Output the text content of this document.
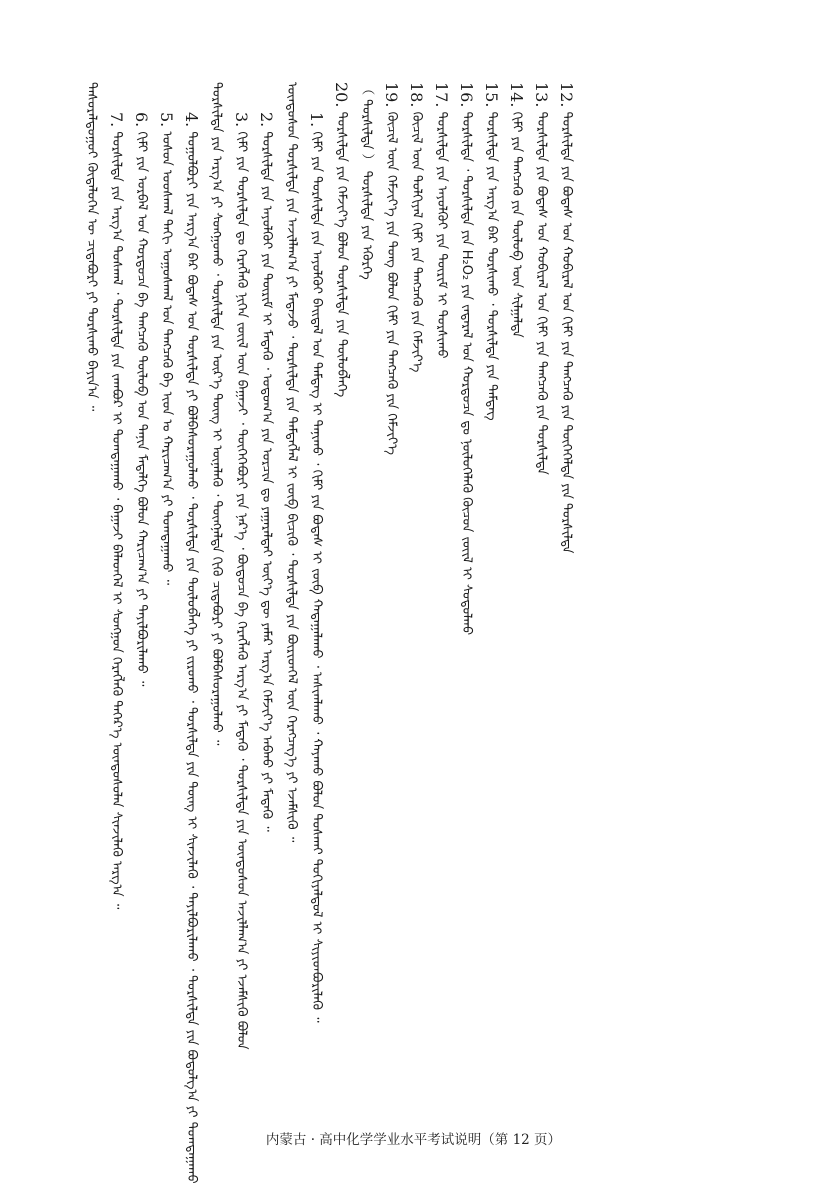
ᠲᠠᠰᠤᠷᠠᠯᠳᠤᠭᠤᠢ ᠬᠦᠳᠡᠯᠦᠭᠡᠨ ᠦ ᠴᠢᠳᠠᠪᠤᠷᠢ ᠶᠢ ᠲᠤᠷᠰᠢᠬᠤ ᠪᠠᠶᠢᠨ᠎ᠠ ᠃ 7. ᠲᠤᠷᠰᠢᠯᠲᠠ ᠶᠢᠨ ᠠᠷᠭ᠎ᠠ ᠲᠤᠰᠬᠠᠯ ᠂ ᠲᠤᠷᠰᠢᠯᠲᠠ ᠶᠢᠨ ᠵᠠᠭᠪᠤᠷ ᠢ ᠲᠣᠭᠲᠠᠭᠠᠬᠤ ᠂ ᠪᠠᠭᠠᠵᠢ ᠪᠡᠯᠡᠳᠬᠡᠯ ᠢ ᠰᠣᠩᠭᠣᠨ ᠬᠡᠷᠡᠭᠯᠡᠬᠦ ᠳᠡᠭᠡᠷ᠎ᠡ ᠦᠨᠳᠦᠰᠦᠯᠡᠨ ᠰᠢᠨᠵᠢᠯᠡᠬᠦ ᠠᠷᠭ᠎ᠠ ᠃
6. ᠬᠢᠮᠢ ᠶᠢᠨ ᠤᠷᠪᠠᠯ ᠤᠨ ᠬᠤᠷᠳᠤᠴᠠ ᠪᠠ ᠲᠡᠩᠴᠡᠭᠦ ᠲᠦᠯᠦᠪ ᠤᠨ ᠲᠠᠨᠢᠨ ᠮᠡᠳᠡᠯᠭᠡ ᠪᠣᠯᠤᠨ ᠬᠠᠷᠢᠴᠠᠭ᠎ᠠ ᠶᠢ ᠲᠠᠶᠢᠯᠪᠤᠷᠢᠯᠠᠬᠤ ᠃
5. ᠤᠰᠤᠨ ᠤᠤᠰᠬᠠᠯ ᠳᠠᠬᠢ ᠤᠭᠤᠰᠬᠠᠯ ᠤᠨ ᠲᠡᠩᠴᠡᠭᠦ ᠪᠠ ᠢᠣᠨ ᠤ ᠬᠠᠷᠢᠴᠠᠭ᠎ᠠ ᠶᠢ ᠲᠣᠭᠲᠠᠭᠠᠬᠤ ᠃
4. ᠲᠤᠭᠤᠯᠪᠤᠷᠢ ᠶᠢᠨ ᠠᠷᠭ᠎ᠠ ᠪᠠᠷ ᠪᠣᠳᠠᠰ ᠤᠨ ᠲᠤᠷᠰᠢᠯᠲᠠ ᠶᠢ ᠪᠣᠯᠪᠠᠰᠤᠷᠠᠭᠤᠯᠬᠤ ᠂ ᠲᠤᠷᠰᠢᠯᠲᠠ ᠶᠢᠨ ᠲᠥᠯᠦᠪᠯᠡᠭᠡ ᠶᠢ ᠵᠢᠷᠤᠬᠤ ᠂ ᠲᠤᠷᠰᠢᠯᠲᠠ ᠶᠢᠨ ᠳᠦᠩ ᠢ ᠰᠢᠨᠵᠢᠯᠡᠬᠦ ᠂ ᠲᠠᠶᠢᠯᠪᠤᠷᠢᠯᠠᠬᠤ ᠂ ᠲᠤᠷᠰᠢᠯᠲᠠ ᠶᠢᠨ ᠪᠤᠳᠤᠯᠭ᠎ᠠ ᠶᠢ ᠲᠣᠭᠲᠠᠭᠠᠬᠤ ᠲᠤᠷᠰᠢᠯᠲᠠ ᠶᠢᠨ ᠠᠷᠭ᠎ᠠ ᠶᠢ ᠰᠣᠩᠭᠣᠬᠤ ᠂ ᠲᠤᠷᠰᠢᠯᠲᠠ ᠶᠢᠨ ᠦᠷ᠎ᠡ ᠳᠦᠩ ᠢ ᠦᠨᠡᠯᠡᠬᠦ ᠂ ᠳᠦᠩᠨᠡᠯᠲᠡ ᠬᠢᠬᠦ ᠴᠢᠳᠠᠪᠤᠷᠢ ᠶᠢ ᠪᠣᠯᠪᠠᠰᠤᠷᠠᠭᠤᠯᠬᠤ ᠃ 3. ᠬᠢᠮᠢ ᠶᠢᠨ ᠲᠤᠷᠰᠢᠯᠲᠠ ᠳᠤ ᠬᠡᠷᠡᠭᠯᠡᠬᠦ ᠨᠢᠭᠡᠨ ᠵᠦᠢᠯ ᠦᠨ ᠪᠠᠭᠠᠵᠢ ᠂ ᠲᠦᠭᠡᠭᠡᠪᠦᠷᠢ ᠶᠢᠨ ᠨᠡᠷ᠎ᠡ ᠂ ᠪᠦᠲᠦᠴᠡ ᠪᠠ ᠬᠡᠷᠡᠭᠯᠡᠬᠦ ᠠᠷᠭ᠎ᠠ ᠶᠢ ᠮᠡᠳᠡᠬᠦ ᠂ ᠲᠤᠷᠰᠢᠯᠲᠠ ᠶᠢᠨ ᠦᠨᠳᠦᠰᠦᠨ ᠠᠵᠢᠯᠯᠠᠭ᠎ᠠ ᠶᠢ ᠡᠵᠡᠮᠰᠢᠬᠦ ᠪᠣᠯᠤᠨ
2. ᠲᠤᠷᠰᠢᠯᠲᠠ ᠶᠢᠨ ᠠᠶᠤᠯᠭᠦᠢ ᠶᠢᠨ ᠳᠦᠷᠢᠮ ᠢ ᠮᠡᠳᠡᠬᠦ ᠂ ᠣᠳᠣᠭ᠎ᠠ ᠶᠢᠨ ᠣᠷᠴᠢᠨ ᠳᠤ ᠶᠠᠭᠠᠷᠠᠯᠲᠠᠢ ᠦᠶ᠎ᠡ ᠳᠦ ᠶᠠᠮᠠᠷ ᠠᠷᠭ᠎ᠠ ᠬᠡᠮᠵᠢᠶ᠎ᠡ ᠠᠪᠬᠤ ᠶᠢ ᠮᠡᠳᠡᠬᠦ ᠃ ᠦᠨᠳᠦᠰᠦᠨ ᠲᠤᠷᠰᠢᠯᠲᠠ ᠶᠢᠨ ᠠᠵᠢᠯᠯᠠᠭ᠎ᠠ ᠶᠢ ᠮᠡᠳᠡᠵᠦ ᠂ ᠲᠤᠷᠰᠢᠯᠲᠠ ᠶᠢᠨ ᠲᠡᠮᠳᠡᠭᠯᠡᠯ ᠢ ᠵᠦᠪ ᠪᠢᠴᠢᠬᠦ ᠂ ᠲᠤᠷᠰᠢᠯᠲᠠ ᠶᠢᠨ ᠪᠦᠷᠢᠳᠬᠡᠯ ᠦᠨ ᠬᠡᠷᠡᠭᠴᠡᠭ᠎ᠡ ᠶᠢ ᠡᠵᠡᠮᠰᠢᠬᠦ ᠃ 1. ᠬᠢᠮᠢ ᠶᠢᠨ ᠲᠤᠷᠰᠢᠯᠲᠠ ᠶᠢᠨ ᠠᠶᠤᠯᠭᠦᠢ ᠪᠠᠢᠳᠠᠯ ᠤᠨ ᠲᠡᠮᠳᠡᠭ ᠢ ᠲᠠᠨᠢᠬᠤ ᠂ ᠬᠢᠮᠢ ᠶᠢᠨ ᠪᠣᠳᠠᠰ ᠢ ᠵᠦᠪ ᠬᠠᠳᠠᠭᠠᠯᠠᠬᠤ ᠂ ᠠᠰᠢᠭᠯᠠᠬᠤ ᠂ ᠬᠠᠶᠠᠬᠤ ᠪᠣᠯᠤᠨ ᠲᠤᠰᠬᠠᠢ ᠲᠣᠬᠢᠶᠠᠯᠳᠤᠯ ᠢ ᠰᠢᠶᠢᠳᠪᠦᠷᠢᠯᠡᠬᠦ ᠃
20. ᠲᠤᠷᠰᠢᠯᠲᠠ ᠶᠢᠨ ᠬᠡᠮᠵᠢᠶ᠎ᠡ ᠪᠣᠯᠤᠨ ᠲᠤᠷᠰᠢᠯᠲᠠ ᠶᠢᠨ ᠲᠥᠯᠦᠪᠯᠡᠭᠡ （ ᠲᠤᠷᠰᠢᠯᠲᠠ ） ᠲᠤᠷᠰᠢᠯᠲᠠ ᠶᠢᠨ ᠡᠭᠦᠷᠭᠡ 19. ᠬᠦᠴᠢᠯ ᠦᠨ ᠬᠡᠮᠵᠢᠶ᠎ᠡ ᠶᠢᠨ ᠳᠤᠩ ᠪᠣᠯᠤᠨ ᠬᠢᠮᠢ ᠶᠢᠨ ᠲᠡᠩᠴᠡᠭᠦ ᠶᠢᠨ ᠬᠡᠮᠵᠢᠶ᠎ᠡ
18. ᠬᠦᠴᠢᠯ ᠦᠨ ᠳᠣᠯᠭᠢᠶᠠᠯ ᠬᠢᠮᠢ ᠶᠢᠨ ᠲᠡᠩᠴᠡᠭᠦ ᠶᠢᠨ ᠬᠡᠮᠵᠢᠶ᠎ᠡ
17. ᠲᠤᠷᠰᠢᠯᠲᠠ ᠶᠢᠨ ᠠᠶᠤᠯᠭᠦᠢ ᠶᠢᠨ ᠳᠦᠷᠢᠮ ᠢ ᠲᠤᠷᠰᠢᠬᠤ
16. ᠲᠤᠷᠰᠢᠯᠲᠠ ᠂ ᠲᠤᠷᠰᠢᠯᠲᠠ ᠶᠢᠨ H₂O₂ ᠶᠢᠨ ᠵᠠᠳᠠᠷᠠᠯ ᠤᠨ ᠬᠤᠷᠳᠤᠴᠠ ᠳᠤ ᠨᠦᠯᠦᠭᠡᠯᠡᠬᠦ ᠬᠦᠴᠦᠨ ᠵᠦᠢᠯ ᠢ ᠰᠤᠳᠤᠯᠬᠤ
15. ᠲᠤᠷᠰᠢᠯᠲᠠ ᠶᠢᠨ ᠠᠷᠭ᠎ᠠ ᠪᠠᠷ ᠲᠤᠷᠰᠢᠬᠤ ᠂ ᠲᠤᠷᠰᠢᠯᠲᠠ ᠶᠢᠨ ᠲᠡᠮᠳᠡᠭ
14. ᠬᠢᠮᠢ ᠶᠢᠨ ᠲᠡᠩᠴᠡᠭᠦ ᠶᠢᠨ ᠲᠥᠯᠦᠪ ᠦᠨ ᠰᠢᠯᠭᠠᠯᠲᠠ
13. ᠲᠤᠷᠰᠢᠯᠲᠠ ᠶᠢᠨ ᠪᠣᠳᠠᠰ ᠤᠨ ᠬᠤᠪᠢᠷᠠᠯ ᠤᠨ ᠬᠢᠮᠢ ᠶᠢᠨ ᠲᠡᠩᠴᠡᠭᠦ ᠶᠢᠨ ᠲᠤᠷᠰᠢᠯᠲᠠ
12. ᠲᠤᠷᠰᠢᠯᠲᠠ ᠶᠢᠨ ᠪᠣᠳᠠᠰ ᠤᠨ ᠬᠤᠪᠢᠷᠠᠯ ᠤᠨ ᠬᠢᠮᠢ ᠶᠢᠨ ᠲᠡᠩᠴᠡᠭᠦ ᠶᠢᠨ ᠲᠦᠭᠡᠭᠡᠯᠲᠡ ᠶᠢᠨ ᠲᠤᠷᠰᠢᠯᠲᠠ
内蒙古 · 高中化学学业水平考试说明（第 12 页）
